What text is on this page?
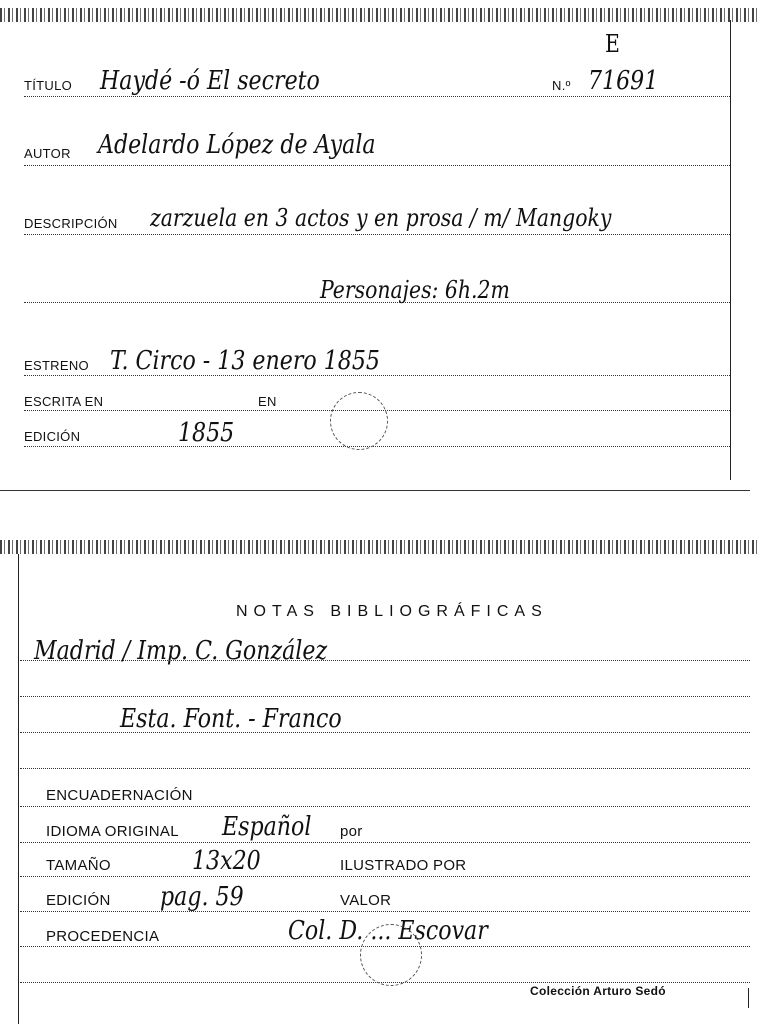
E
TÍTULO Haydé -ó El secreto	N.º 71691
AUTOR Adelardo López de Ayala
DESCRIPCIÓN zarzuela en 3 actos y en prosa / m/ Mangoky
Personajes: 6h.2m
ESTRENO T. Circo - 13 enero 1855
ESCRITA EN	EN
EDICIÓN	1855
NOTAS BIBLIOGRÁFICAS
Madrid / Imp. C. González
Esta. Font. - Franco
ENCUADERNACIÓN
IDIOMA ORIGINAL Español por
TAMAÑO	13x20	ILUSTRADO POR
EDICIÓN pag. 59	VALOR
PROCEDENCIA	Col. D. ... Escovar
Colección Arturo Sedó
